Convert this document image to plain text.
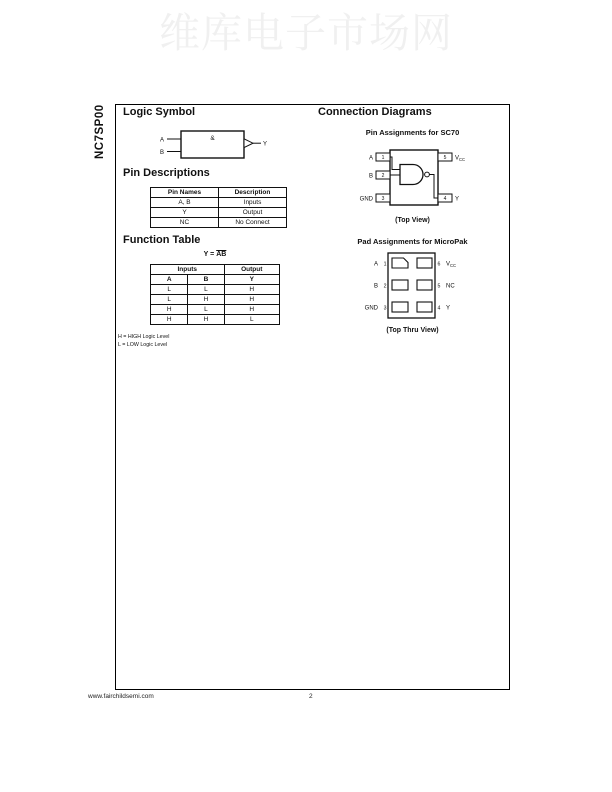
维库电子市场网
NC7SP00 Logic Symbol
&
A
B
Y
Pin Descriptions
Pin Names	Description
A, B	Inputs
Y	Output
NC	No Connect
Function Table
$Y = \overline{AB}$
Inputs		Output
A	B	Y
L	L	H
L	H	H
H	L	H
H	H	L
H = HIGH Logic Level
L = LOW Logic Level
Connection Diagrams
Pin Assignments for SC70
1
2
3
5
4
A
B
GND
$V_{CC}$
Y
(Top View)
Pad Assignments for MicroPak
A 1
B 2
GND 3
6 $V_{CC}$
5 NC
4 Y
(Top Thru View)
www.fairchildsemi.com	2
